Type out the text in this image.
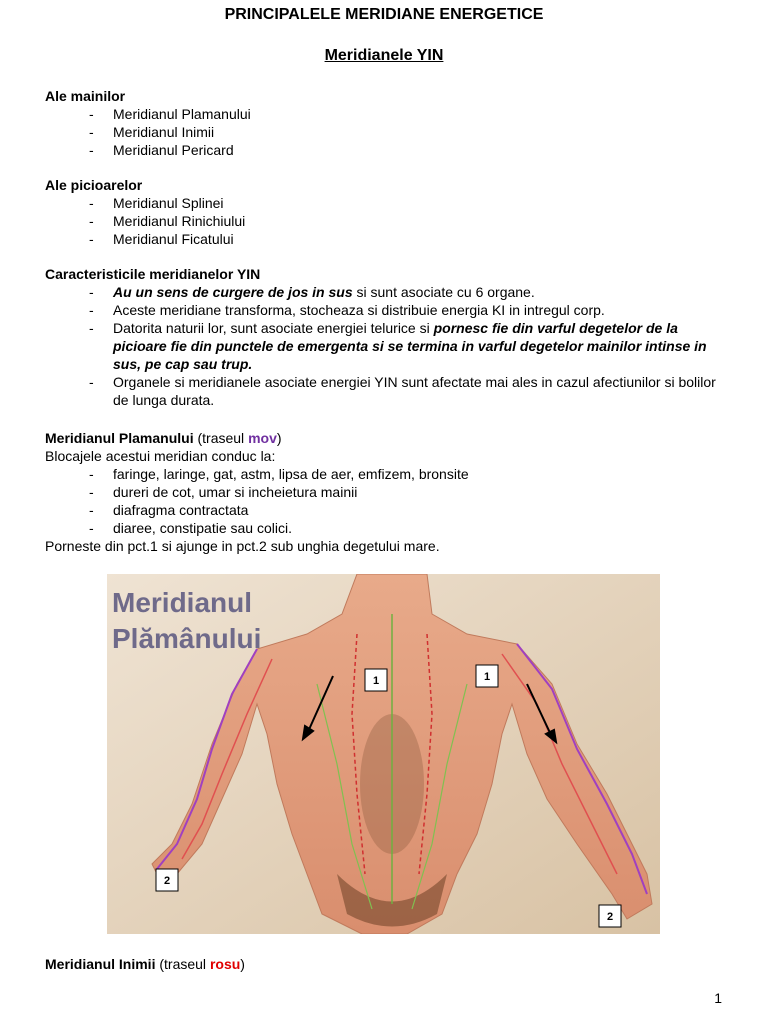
PRINCIPALELE MERIDIANE ENERGETICE
Meridianele YIN
Ale mainilor
- Meridianul Plamanului
- Meridianul Inimii
- Meridianul Pericard
Ale picioarelor
- Meridianul Splinei
- Meridianul Rinichiului
- Meridianul Ficatului
Caracteristicile meridianelor YIN
- Au un sens de curgere de jos in sus si sunt asociate cu 6 organe.
- Aceste meridiane transforma, stocheaza si distribuie energia KI in intregul corp.
- Datorita naturii lor, sunt asociate energiei telurice si pornesc fie din varful degetelor de la picioare fie din punctele de emergenta si se termina in varful degetelor mainilor intinse in sus, pe cap sau trup.
- Organele si meridianele asociate energiei YIN sunt afectate mai ales in cazul afectiunilor si bolilor de lunga durata.
Meridianul Plamanului (traseul mov)
Blocajele acestui meridian conduc la:
- faringe, laringe, gat, astm, lipsa de aer, emfizem, bronsite
- dureri de cot, umar si incheietura mainii
- diafragma contractata
- diaree, constipatie sau colici.
Porneste din pct.1 si ajunge in pct.2 sub unghia degetului mare.
Meridianul
Plămânului
1	1
2
2
Meridianul Inimii (traseul rosu)
1
